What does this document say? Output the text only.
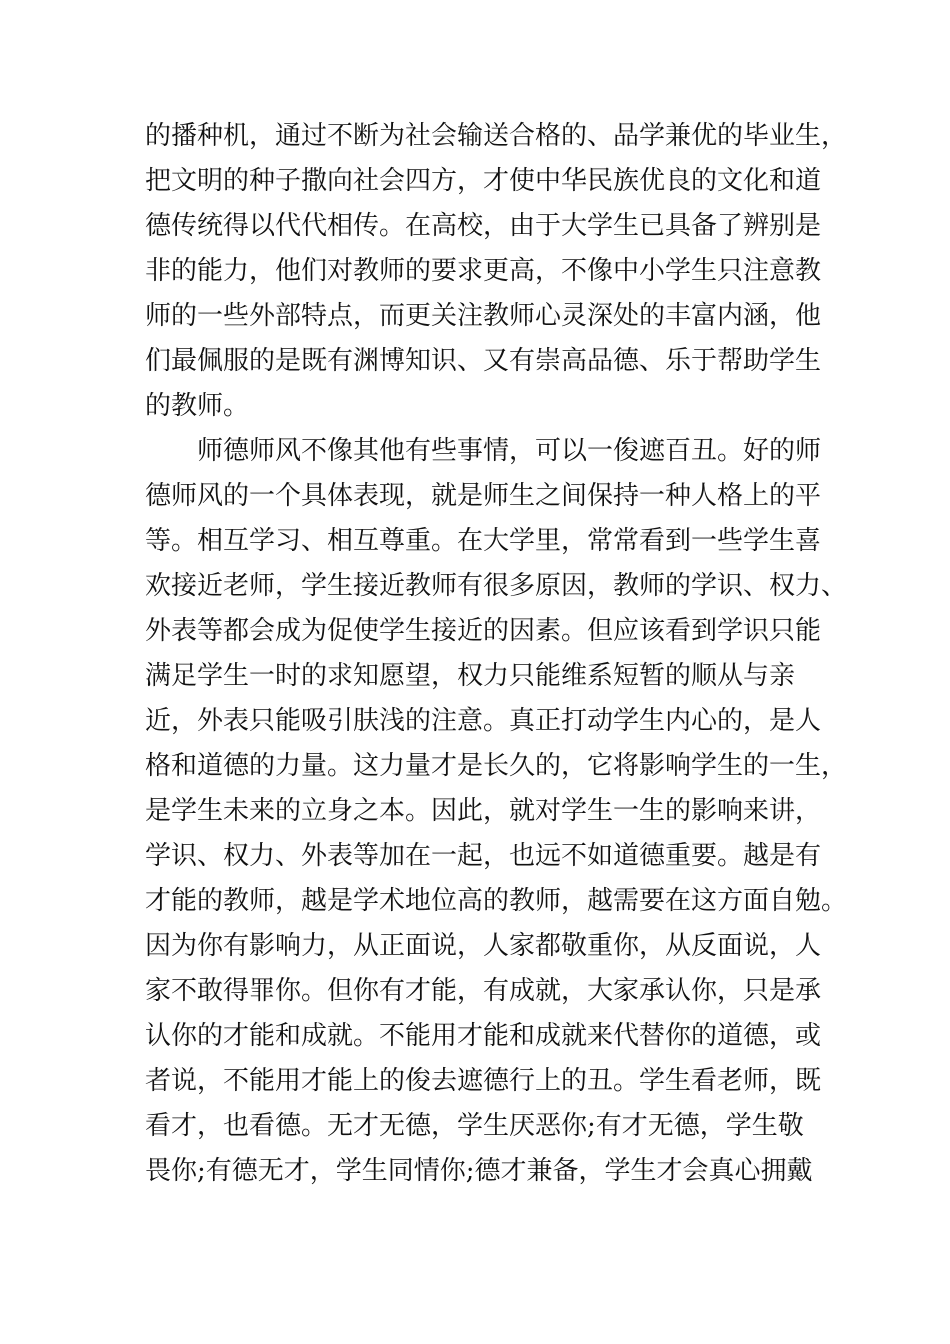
的播种机，通过不断为社会输送合格的、品学兼优的毕业生，
把文明的种子撒向社会四方，才使中华民族优良的文化和道
德传统得以代代相传。在高校，由于大学生已具备了辨别是
非的能力，他们对教师的要求更高，不像中小学生只注意教
师的一些外部特点，而更关注教师心灵深处的丰富内涵，他
们最佩服的是既有渊博知识、又有崇高品德、乐于帮助学生
的教师。
师德师风不像其他有些事情，可以一俊遮百丑。好的师
德师风的一个具体表现，就是师生之间保持一种人格上的平
等。相互学习、相互尊重。在大学里，常常看到一些学生喜
欢接近老师，学生接近教师有很多原因，教师的学识、权力、
外表等都会成为促使学生接近的因素。但应该看到学识只能
满足学生一时的求知愿望，权力只能维系短暂的顺从与亲
近，外表只能吸引肤浅的注意。真正打动学生内心的，是人
格和道德的力量。这力量才是长久的，它将影响学生的一生，
是学生未来的立身之本。因此，就对学生一生的影响来讲，
学识、权力、外表等加在一起，也远不如道德重要。越是有
才能的教师，越是学术地位高的教师，越需要在这方面自勉。
因为你有影响力，从正面说，人家都敬重你，从反面说，人
家不敢得罪你。但你有才能，有成就，大家承认你，只是承
认你的才能和成就。不能用才能和成就来代替你的道德，或
者说，不能用才能上的俊去遮德行上的丑。学生看老师，既
看才，也看德。无才无德，学生厌恶你;有才无德，学生敬
畏你;有德无才，学生同情你;德才兼备，学生才会真心拥戴
